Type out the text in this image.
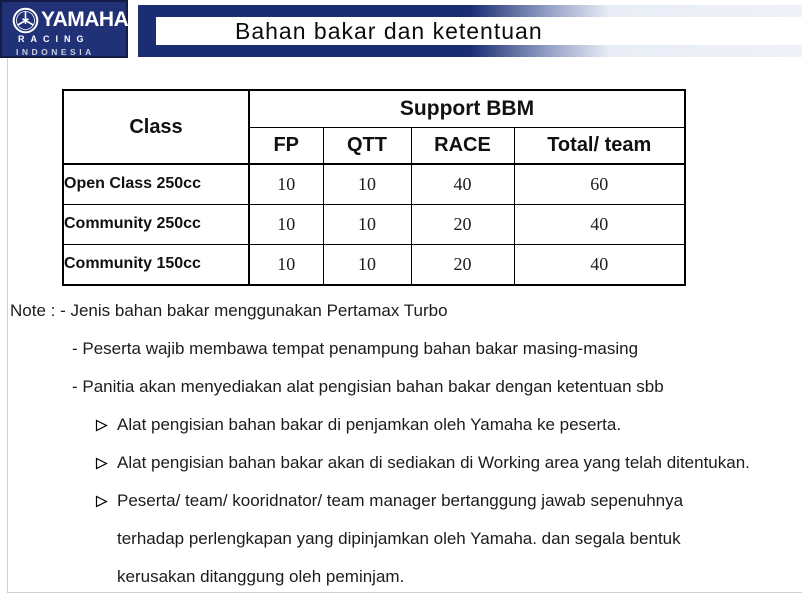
YAMAHA
RACING
INDONESIA
Bahan bakar dan ketentuan
Class	Support BBM			
	FP	QTT	RACE	Total/ team
Open Class 250cc	10	10	40	60
Community 250cc	10	10	20	40
Community 150cc	10	10	20	40
Note : - Jenis bahan bakar menggunakan Pertamax Turbo
- Peserta wajib membawa tempat penampung bahan bakar masing-masing
- Panitia akan menyediakan alat pengisian bahan bakar dengan ketentuan sbb
Alat pengisian bahan bakar di penjamkan oleh Yamaha ke peserta.
Alat pengisian bahan bakar akan di sediakan di Working area yang telah ditentukan.
Peserta/ team/ kooridnator/ team manager bertanggung jawab sepenuhnya
terhadap perlengkapan yang dipinjamkan oleh Yamaha. dan segala bentuk
kerusakan ditanggung oleh peminjam.
